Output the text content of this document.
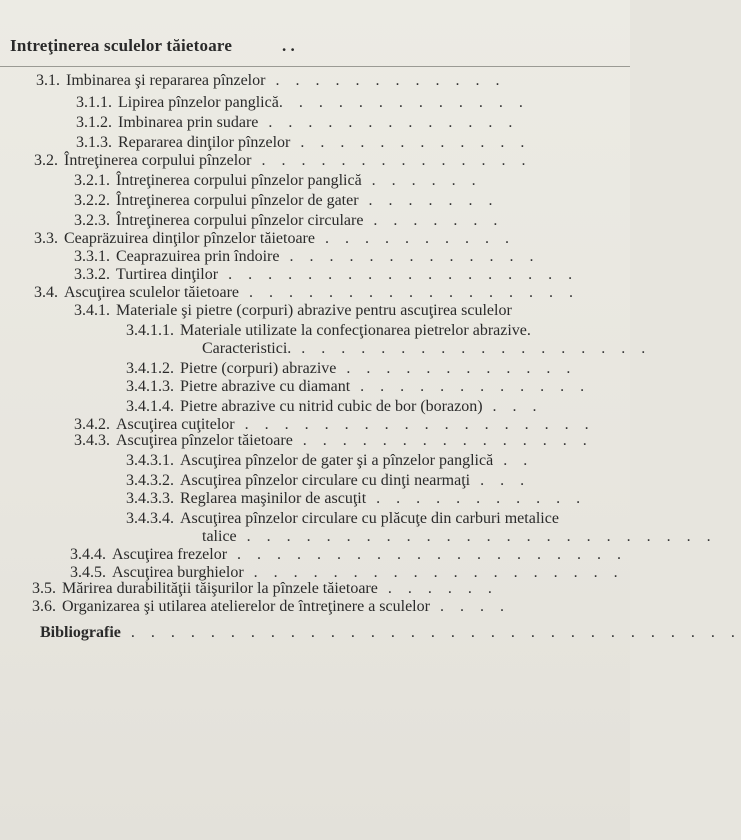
Intreţinerea sculelor tăietoare	. .
3.1. Imbinarea şi repararea pînzelor . . . . . . . . . . . .
3.1.1. Lipirea pînzelor panglică. . . . . . . . . . . . .
3.1.2. Imbinarea prin sudare . . . . . . . . . . . . .
3.1.3. Repararea dinţilor pînzelor . . . . . . . . . . . .
3.2. Întreţinerea corpului pînzelor . . . . . . . . . . . . . .
3.2.1. Întreţinerea corpului pînzelor panglică . . . . . .
3.2.2. Întreţinerea corpului pînzelor de gater . . . . . . .
3.2.3. Întreţinerea corpului pînzelor circulare . . . . . . .
3.3. Ceapräzuirea dinţilor pînzelor tăietoare . . . . . . . . . .
3.3.1. Ceaprazuirea prin îndoire . . . . . . . . . . . . .
3.3.2. Turtirea dinţilor . . . . . . . . . . . . . . . . . .
3.4. Ascuţirea sculelor tăietoare . . . . . . . . . . . . . . . . .
3.4.1. Materiale şi pietre (corpuri) abrazive pentru ascuţirea sculelor
3.4.1.1. Materiale utilizate la confecţionarea pietrelor abrazive.
Caracteristici. . . . . . . . . . . . . . . . . . .
3.4.1.2. Pietre (corpuri) abrazive . . . . . . . . . . . .
3.4.1.3. Pietre abrazive cu diamant . . . . . . . . . . . .
3.4.1.4. Pietre abrazive cu nitrid cubic de bor (borazon) . . .
3.4.2. Ascuţirea cuţitelor . . . . . . . . . . . . . . . . . .
3.4.3. Ascuţirea pînzelor tăietoare . . . . . . . . . . . . . . .
3.4.3.1. Ascuţirea pînzelor de gater şi a pînzelor panglică . .
3.4.3.2. Ascuţirea pînzelor circulare cu dinţi nearmaţi . . .
3.4.3.3. Reglarea maşinilor de ascuţit . . . . . . . . . . .
3.4.3.4. Ascuţirea pînzelor circulare cu plăcuţe din carburi metalice
talice . . . . . . . . . . . . . . . . . . . . . . . .
3.4.4. Ascuţirea frezelor . . . . . . . . . . . . . . . . . . . .
3.4.5. Ascuţirea burghielor . . . . . . . . . . . . . . . . . . .
3.5. Mărirea durabilităţii tăişurilor la pînzele tăietoare . . . . . .
3.6. Organizarea şi utilarea atelierelor de întreţinere a sculelor . . . .
Bibliografie . . . . . . . . . . . . . . . . . . . . . . . . . . . . . . .
